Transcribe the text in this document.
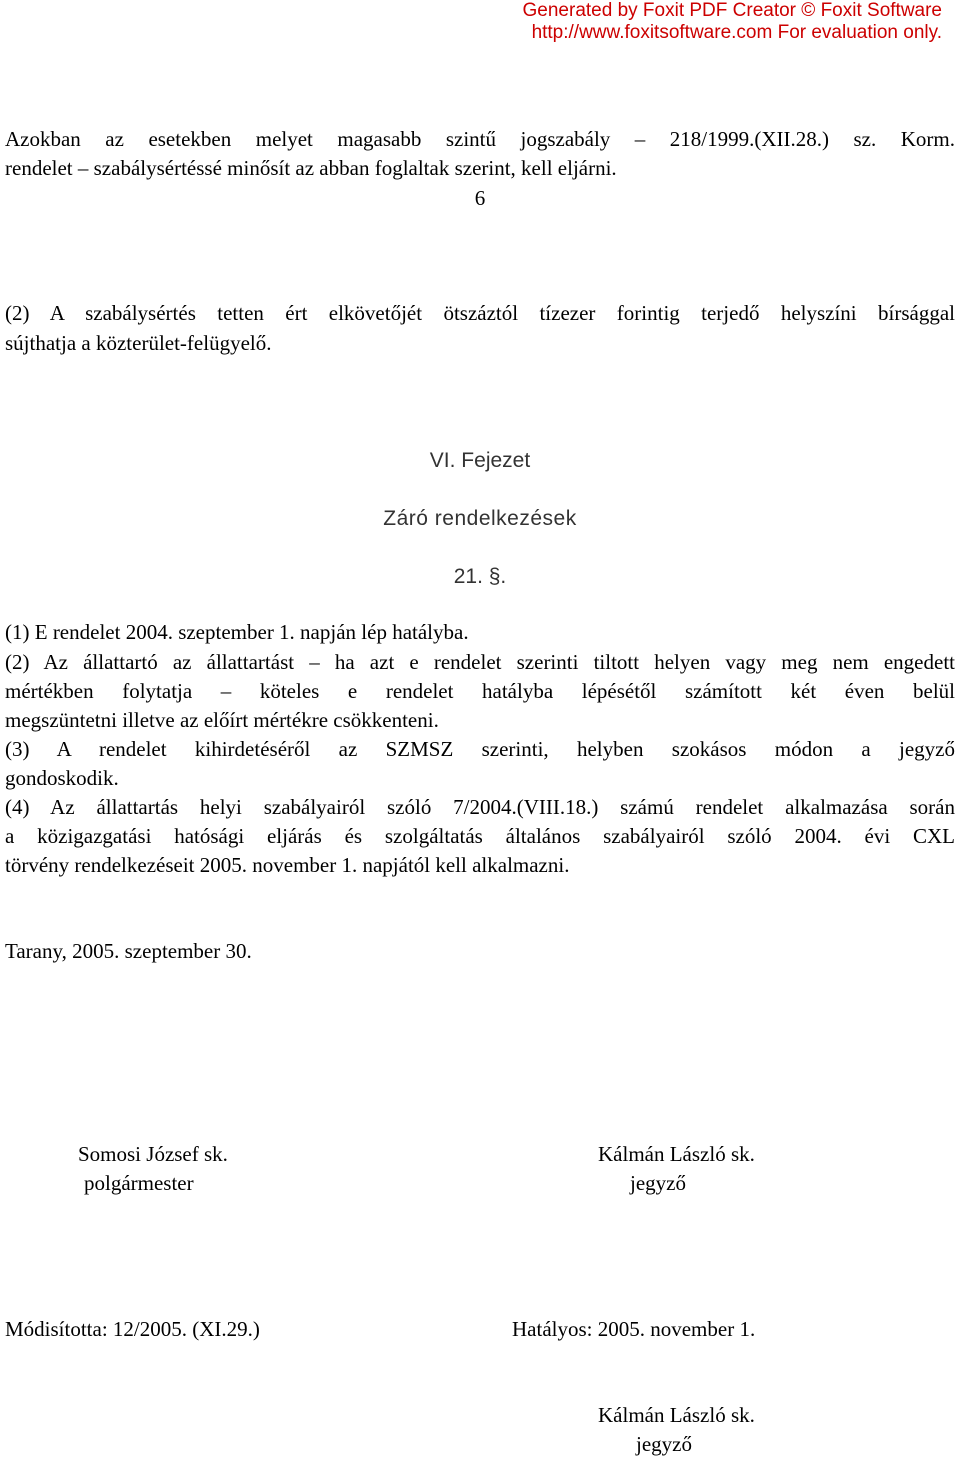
Generated by Foxit PDF Creator © Foxit Software
http://www.foxitsoftware.com For evaluation only.
Azokban az esetekben melyet magasabb szintű jogszabály – 218/1999.(XII.28.) sz. Korm.
rendelet – szabálysértéssé minősít az abban foglaltak szerint, kell eljárni.
6
(2) A szabálysértés tetten ért elkövetőjét ötszáztól tízezer forintig terjedő helyszíni bírsággal
sújthatja a közterület-felügyelő.
VI. Fejezet
Záró rendelkezések
21. §.
(1) E rendelet 2004. szeptember 1. napján lép hatályba.
(2) Az állattartó az állattartást – ha azt e rendelet szerinti tiltott helyen vagy meg nem engedett
mértékben folytatja – köteles e rendelet hatályba lépésétől számított két éven belül
megszüntetni illetve az előírt mértékre csökkenteni.
(3) A rendelet kihirdetéséről az SZMSZ szerinti, helyben szokásos módon a jegyző
gondoskodik.
(4) Az állattartás helyi szabályairól szóló 7/2004.(VIII.18.) számú rendelet alkalmazása során
a közigazgatási hatósági eljárás és szolgáltatás általános szabályairól szóló 2004. évi CXL
törvény rendelkezéseit 2005. november 1. napjától kell alkalmazni.
Tarany, 2005. szeptember 30.
Somosi József sk.
polgármester
Kálmán László sk.
jegyző
Módisította: 12/2005. (XI.29.)	Hatályos: 2005. november 1.
Kálmán László sk.
jegyző
